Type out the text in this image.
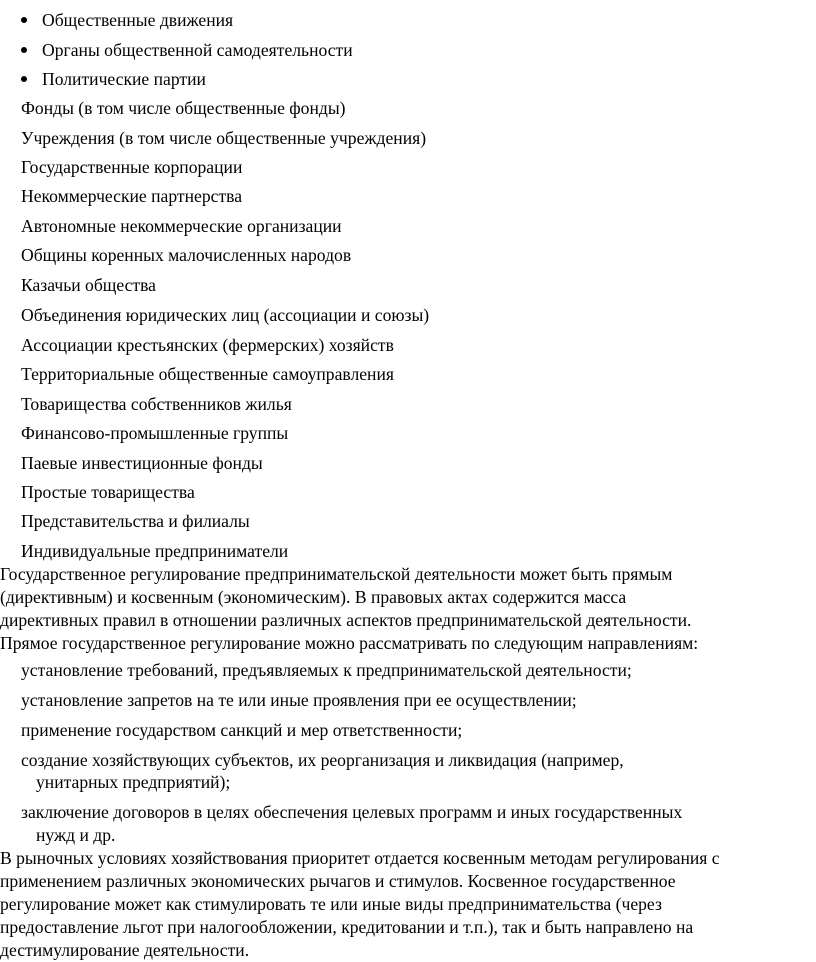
Общественные движения
Органы общественной самодеятельности
Политические партии
Фонды (в том числе общественные фонды)
Учреждения (в том числе общественные учреждения)
Государственные корпорации
Некоммерческие партнерства
Автономные некоммерческие организации
Общины коренных малочисленных народов
Казачьи общества
Объединения юридических лиц (ассоциации и союзы)
Ассоциации крестьянских (фермерских) хозяйств
Территориальные общественные самоуправления
Товарищества собственников жилья
Финансово-промышленные группы
Паевые инвестиционные фонды
Простые товарищества
Представительства и филиалы
Индивидуальные предприниматели
Государственное регулирование предпринимательской деятельности может быть прямым
(директивным) и косвенным (экономическим). В правовых актах содержится масса
директивных правил в отношении различных аспектов предпринимательской деятельности.
Прямое государственное регулирование можно рассматривать по следующим направлениям:
установление требований, предъявляемых к предпринимательской деятельности;
установление запретов на те или иные проявления при ее осуществлении;
применение государством санкций и мер ответственности;
создание хозяйствующих субъектов, их реорганизация и ликвидация (например,
унитарных предприятий);
заключение договоров в целях обеспечения целевых программ и иных государственных
нужд и др.
В рыночных условиях хозяйствования приоритет отдается косвенным методам регулирования с
применением различных экономических рычагов и стимулов. Косвенное государственное
регулирование может как стимулировать те или иные виды предпринимательства (через
предоставление льгот при налогообложении, кредитовании и т.п.), так и быть направлено на
дестимулирование деятельности.
